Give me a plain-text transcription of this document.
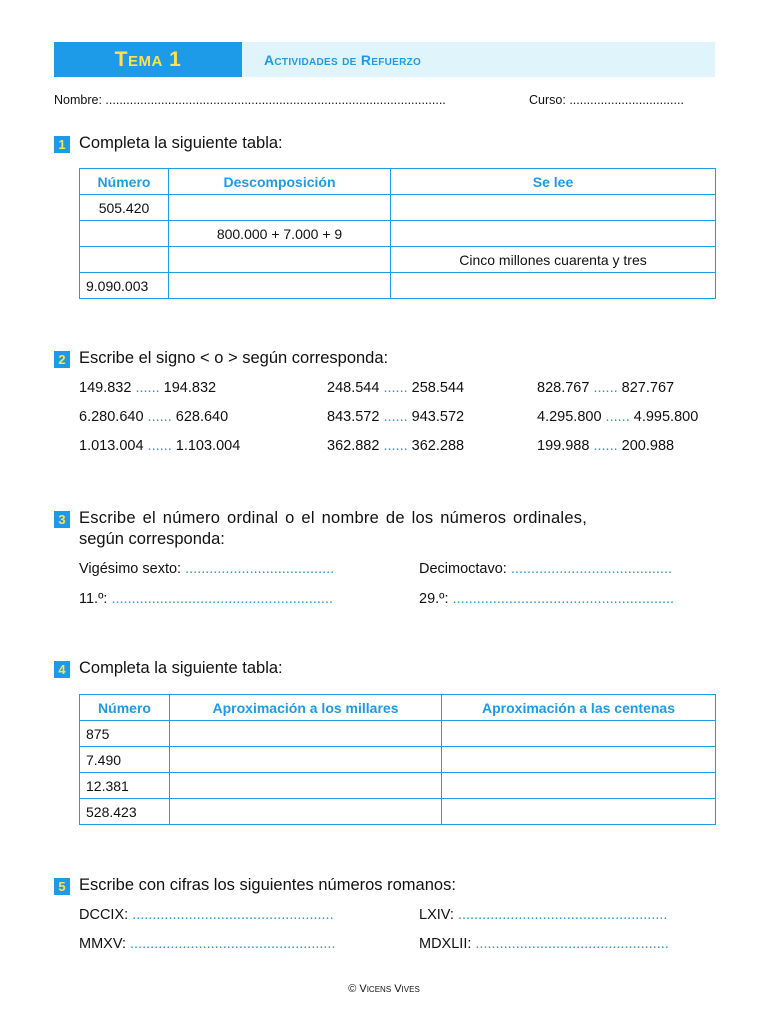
Tema 1	Actividades de Refuerzo
Nombre: ..................................................................................................	Curso: .................................
1 Completa la siguiente tabla:
Número	Descomposición	Se lee
505.420		
	800.000 + 7.000 + 9	
		Cinco millones cuarenta y tres
9.090.003		
2 Escribe el signo < o > según corresponda:
149.832 ...... 194.832	248.544 ...... 258.544	828.767 ...... 827.767
6.280.640 ...... 628.640	843.572 ...... 943.572	4.295.800 ...... 4.995.800
1.013.004 ...... 1.103.004	362.882 ...... 362.288	199.988 ...... 200.988
3 Escribe el número ordinal o el nombre de los números ordinales,
según corresponda:
Vigésimo sexto: .....................................	Decimoctavo: ........................................
11.º: .......................................................	29.º: .......................................................
4 Completa la siguiente tabla:
Número	Aproximación a los millares	Aproximación a las centenas
875		
7.490		
12.381		
528.423		
5 Escribe con cifras los siguientes números romanos:
DCCIX: ..................................................	LXIV: ....................................................
MMXV: ...................................................	MDXLII: ................................................
© Vicens Vives
